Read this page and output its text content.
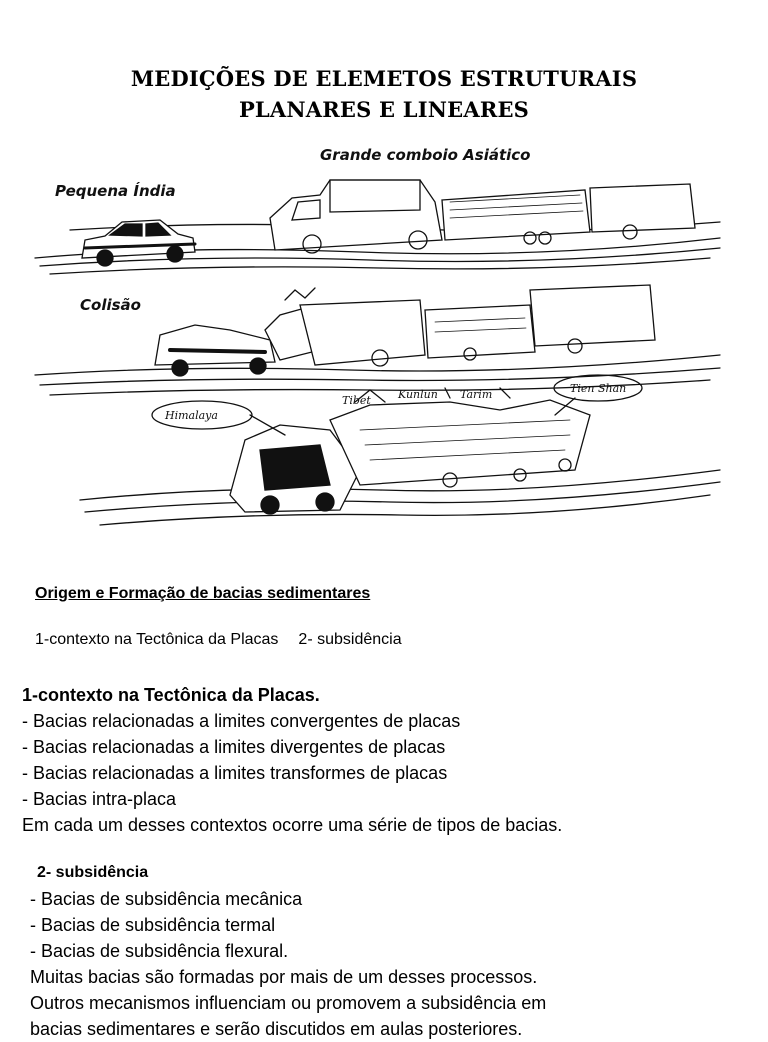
MEDIÇÕES DE ELEMETOS ESTRUTURAIS
PLANARES E LINEARES
Grande comboio Asiático
Pequena Índia
Colisão
Himalaya
Tibet Kunlun Tarim	Tien Shan
Origem e Formação de bacias sedimentares
1-contexto na Tectônica da Placas 2- subsidência
1-contexto na Tectônica da Placas.
- Bacias relacionadas a limites convergentes de placas
- Bacias relacionadas a limites divergentes de placas
- Bacias relacionadas a limites transformes de placas
- Bacias intra-placa
Em cada um desses contextos ocorre uma série de tipos de bacias.
2- subsidência
- Bacias de subsidência mecânica
- Bacias de subsidência termal
- Bacias de subsidência flexural.
Muitas bacias são formadas por mais de um desses processos.
Outros mecanismos influenciam ou promovem a subsidência em
bacias sedimentares e serão discutidos em aulas posteriores.
